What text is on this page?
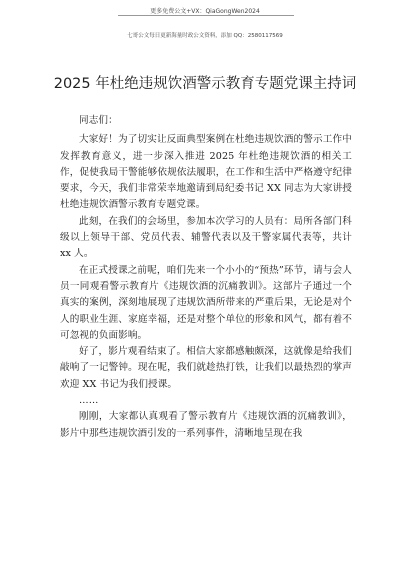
更多免费公文+VX：QiaGongWen2024
七哥公文每日更新海量时政公文资料，添加 QQ：2580117569
2025 年杜绝违规饮酒警示教育专题党课主持词

同志们：

大家好！为了切实让反面典型案例在杜绝违规饮酒的警示工作中发挥教育意义，进一步深入推进 2025 年杜绝违规饮酒的相关工作，促使我局干警能够依规依法履职，在工作和生活中严格遵守纪律要求，今天，我们非常荣幸地邀请到局纪委书记 XX 同志为大家讲授杜绝违规饮酒警示教育专题党课。

此刻，在我们的会场里，参加本次学习的人员有：局所各部门科级以上领导干部、党员代表、辅警代表以及干警家属代表等，共计 xx 人。

在正式授课之前呢，咱们先来一个小小的“预热”环节，请与会人员一同观看警示教育片《违规饮酒的沉痛教训》。这部片子通过一个真实的案例，深刻地展现了违规饮酒所带来的严重后果，无论是对个人的职业生涯、家庭幸福，还是对整个单位的形象和风气，都有着不可忽视的负面影响。

好了，影片观看结束了。相信大家都感触颇深，这就像是给我们敲响了一记警钟。现在呢，我们就趁热打铁，让我们以最热烈的掌声欢迎 XX 书记为我们授课。

……

刚刚，大家都认真观看了警示教育片《违规饮酒的沉痛教训》，影片中那些违规饮酒引发的一系列事件，清晰地呈现在我
